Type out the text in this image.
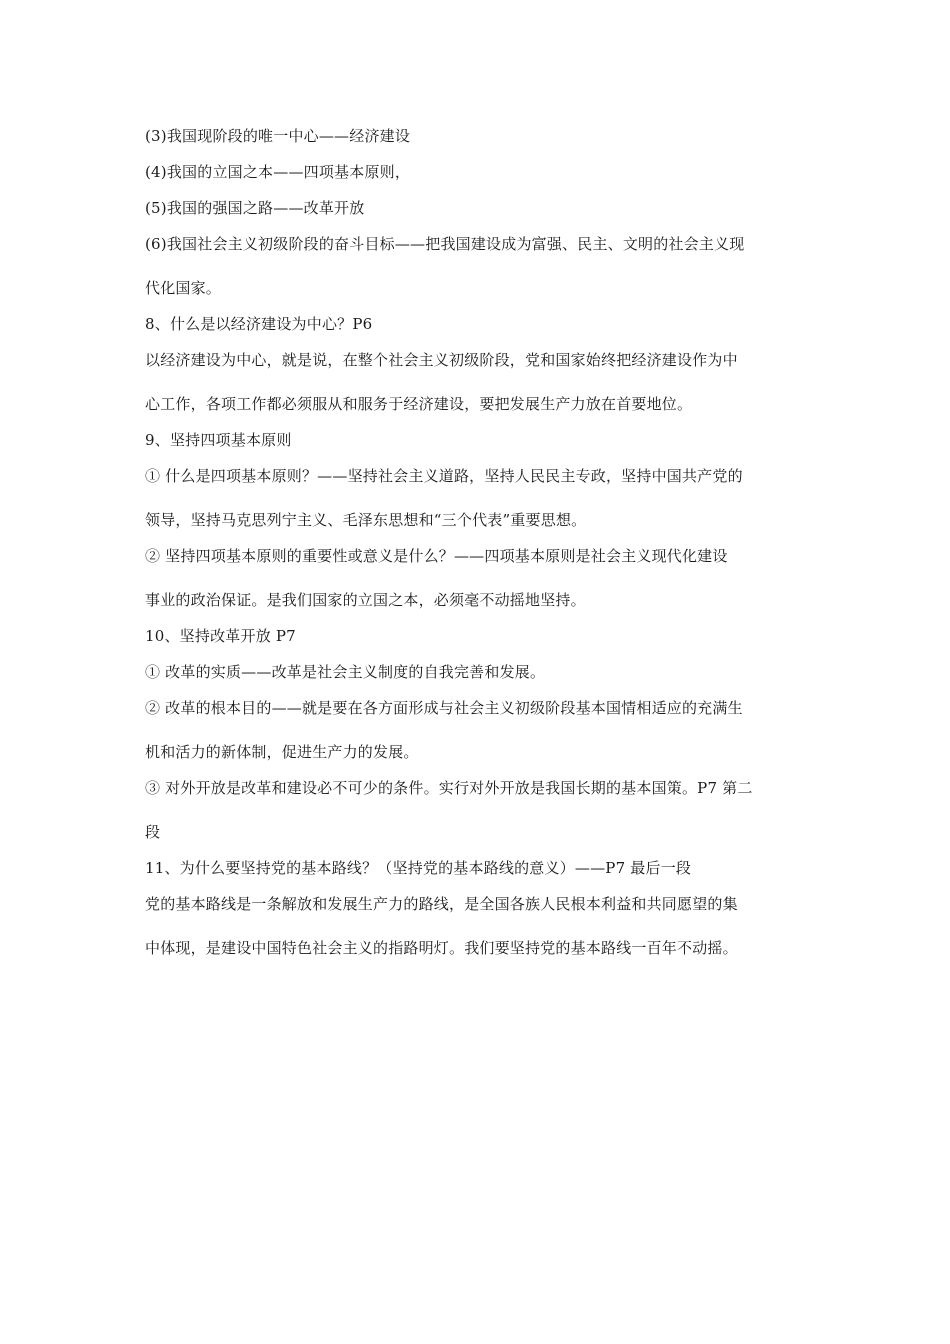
(3)我国现阶段的唯一中心——经济建设
(4)我国的立国之本——四项基本原则，
(5)我国的强国之路——改革开放
(6)我国社会主义初级阶段的奋斗目标——把我国建设成为富强、民主、文明的社会主义现
代化国家。
8、什么是以经济建设为中心？P6
以经济建设为中心，就是说，在整个社会主义初级阶段，党和国家始终把经济建设作为中
心工作，各项工作都必须服从和服务于经济建设，要把发展生产力放在首要地位。
9、坚持四项基本原则
① 什么是四项基本原则？——坚持社会主义道路，坚持人民民主专政，坚持中国共产党的
领导，坚持马克思列宁主义、毛泽东思想和“三个代表”重要思想。
② 坚持四项基本原则的重要性或意义是什么？——四项基本原则是社会主义现代化建设
事业的政治保证。是我们国家的立国之本，必须毫不动摇地坚持。
10、坚持改革开放 P7
① 改革的实质——改革是社会主义制度的自我完善和发展。
② 改革的根本目的——就是要在各方面形成与社会主义初级阶段基本国情相适应的充满生
机和活力的新体制，促进生产力的发展。
③ 对外开放是改革和建设必不可少的条件。实行对外开放是我国长期的基本国策。P7 第二
段
11、为什么要坚持党的基本路线？（坚持党的基本路线的意义）——P7 最后一段
党的基本路线是一条解放和发展生产力的路线，是全国各族人民根本利益和共同愿望的集
中体现，是建设中国特色社会主义的指路明灯。我们要坚持党的基本路线一百年不动摇。
